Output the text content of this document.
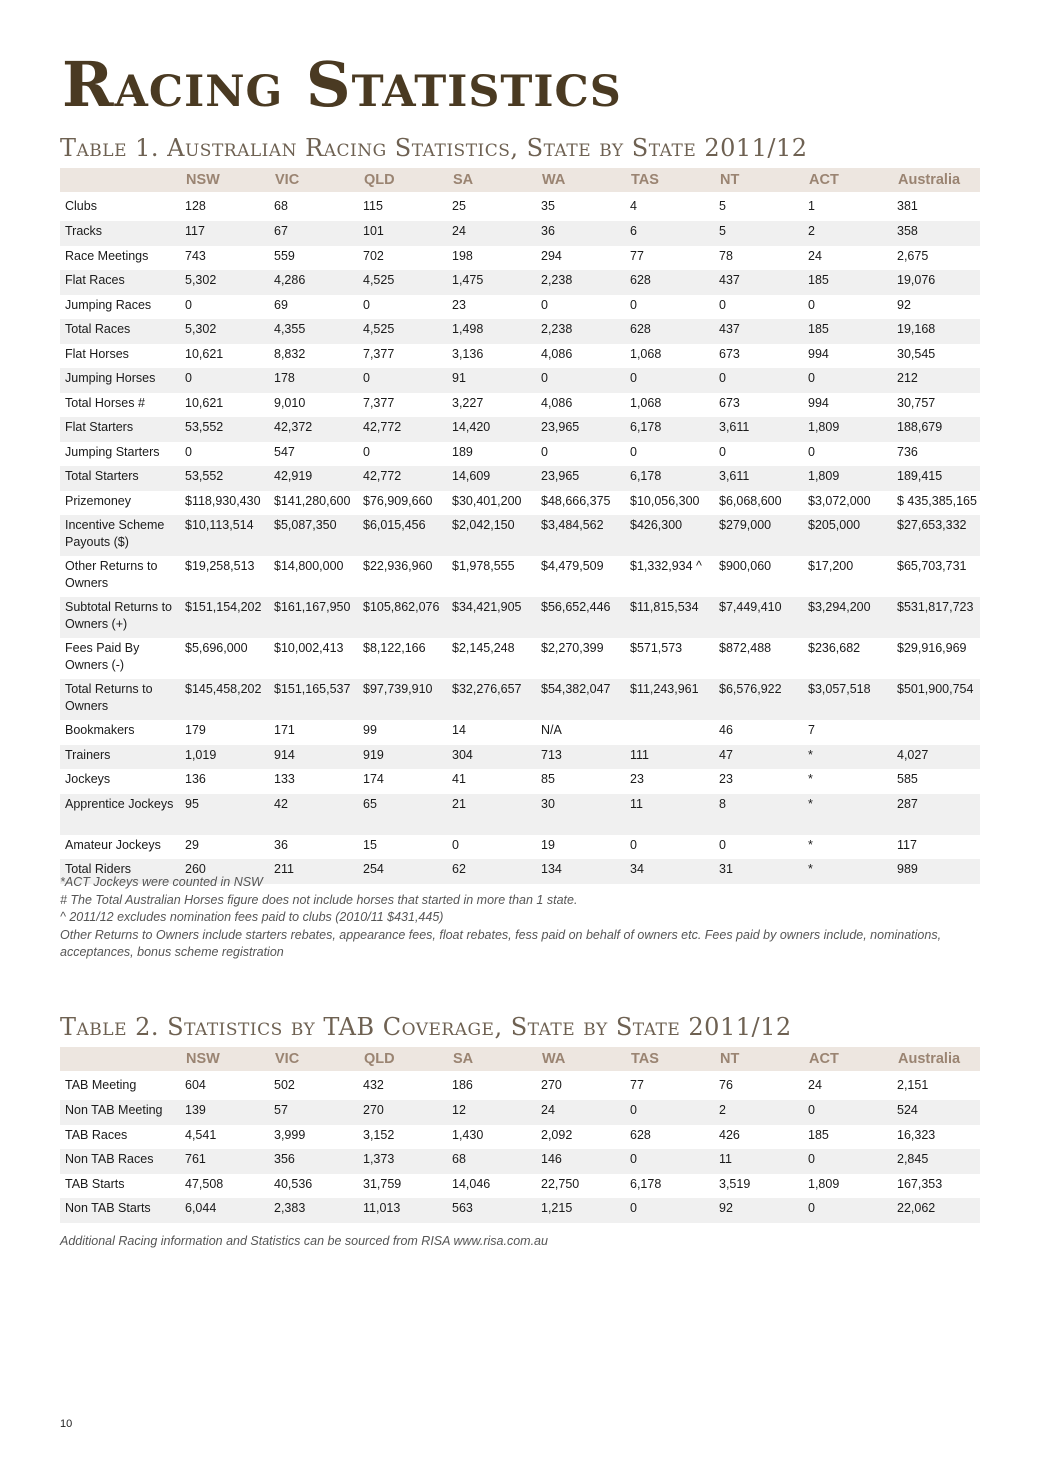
Racing Statistics
Table 1. Australian Racing Statistics, State by State 2011/12
	NSW	VIC	QLD	SA	WA	TAS	NT	ACT	Australia
Clubs	128	68	115	25	35	4	5	1	381
Tracks	117	67	101	24	36	6	5	2	358
Race Meetings	743	559	702	198	294	77	78	24	2,675
Flat Races	5,302	4,286	4,525	1,475	2,238	628	437	185	19,076
Jumping Races	0	69	0	23	0	0	0	0	92
Total Races	5,302	4,355	4,525	1,498	2,238	628	437	185	19,168
Flat Horses	10,621	8,832	7,377	3,136	4,086	1,068	673	994	30,545
Jumping Horses	0	178	0	91	0	0	0	0	212
Total Horses #	10,621	9,010	7,377	3,227	4,086	1,068	673	994	30,757
Flat Starters	53,552	42,372	42,772	14,420	23,965	6,178	3,611	1,809	188,679
Jumping Starters	0	547	0	189	0	0	0	0	736
Total Starters	53,552	42,919	42,772	14,609	23,965	6,178	3,611	1,809	189,415
Prizemoney	$118,930,430	$141,280,600	$76,909,660	$30,401,200	$48,666,375	$10,056,300	$6,068,600	$3,072,000	$ 435,385,165
Incentive Scheme Payouts ($)	$10,113,514	$5,087,350	$6,015,456	$2,042,150	$3,484,562	$426,300	$279,000	$205,000	$27,653,332
Other Returns to Owners	$19,258,513	$14,800,000	$22,936,960	$1,978,555	$4,479,509	$1,332,934 ^	$900,060	$17,200	$65,703,731
Subtotal Returns to Owners (+)	$151,154,202	$161,167,950	$105,862,076	$34,421,905	$56,652,446	$11,815,534	$7,449,410	$3,294,200	$531,817,723
Fees Paid By Owners (-)	$5,696,000	$10,002,413	$8,122,166	$2,145,248	$2,270,399	$571,573	$872,488	$236,682	$29,916,969
Total Returns to Owners	$145,458,202	$151,165,537	$97,739,910	$32,276,657	$54,382,047	$11,243,961	$6,576,922	$3,057,518	$501,900,754
Bookmakers	179	171	99	14	N/A		46	7	
Trainers	1,019	914	919	304	713	111	47	*	4,027
Jockeys	136	133	174	41	85	23	23	*	585
Apprentice Jockeys	95	42	65	21	30	11	8	*	287
Amateur Jockeys	29	36	15	0	19	0	0	*	117
Total Riders	260	211	254	62	134	34	31	*	989
*ACT Jockeys were counted in NSW
# The Total Australian Horses figure does not include horses that started in more than 1 state.
^ 2011/12 excludes nomination fees paid to clubs (2010/11 $431,445)
Other Returns to Owners include starters rebates, appearance fees, float rebates, fess paid on behalf of owners etc. Fees paid by owners include, nominations, acceptances, bonus scheme registration
Table 2. Statistics by TAB Coverage, State by State 2011/12
	NSW	VIC	QLD	SA	WA	TAS	NT	ACT	Australia
TAB Meeting	604	502	432	186	270	77	76	24	2,151
Non TAB Meeting	139	57	270	12	24	0	2	0	524
TAB Races	4,541	3,999	3,152	1,430	2,092	628	426	185	16,323
Non TAB Races	761	356	1,373	68	146	0	11	0	2,845
TAB Starts	47,508	40,536	31,759	14,046	22,750	6,178	3,519	1,809	167,353
Non TAB Starts	6,044	2,383	11,013	563	1,215	0	92	0	22,062
Additional Racing information and Statistics can be sourced from RISA www.risa.com.au
10
